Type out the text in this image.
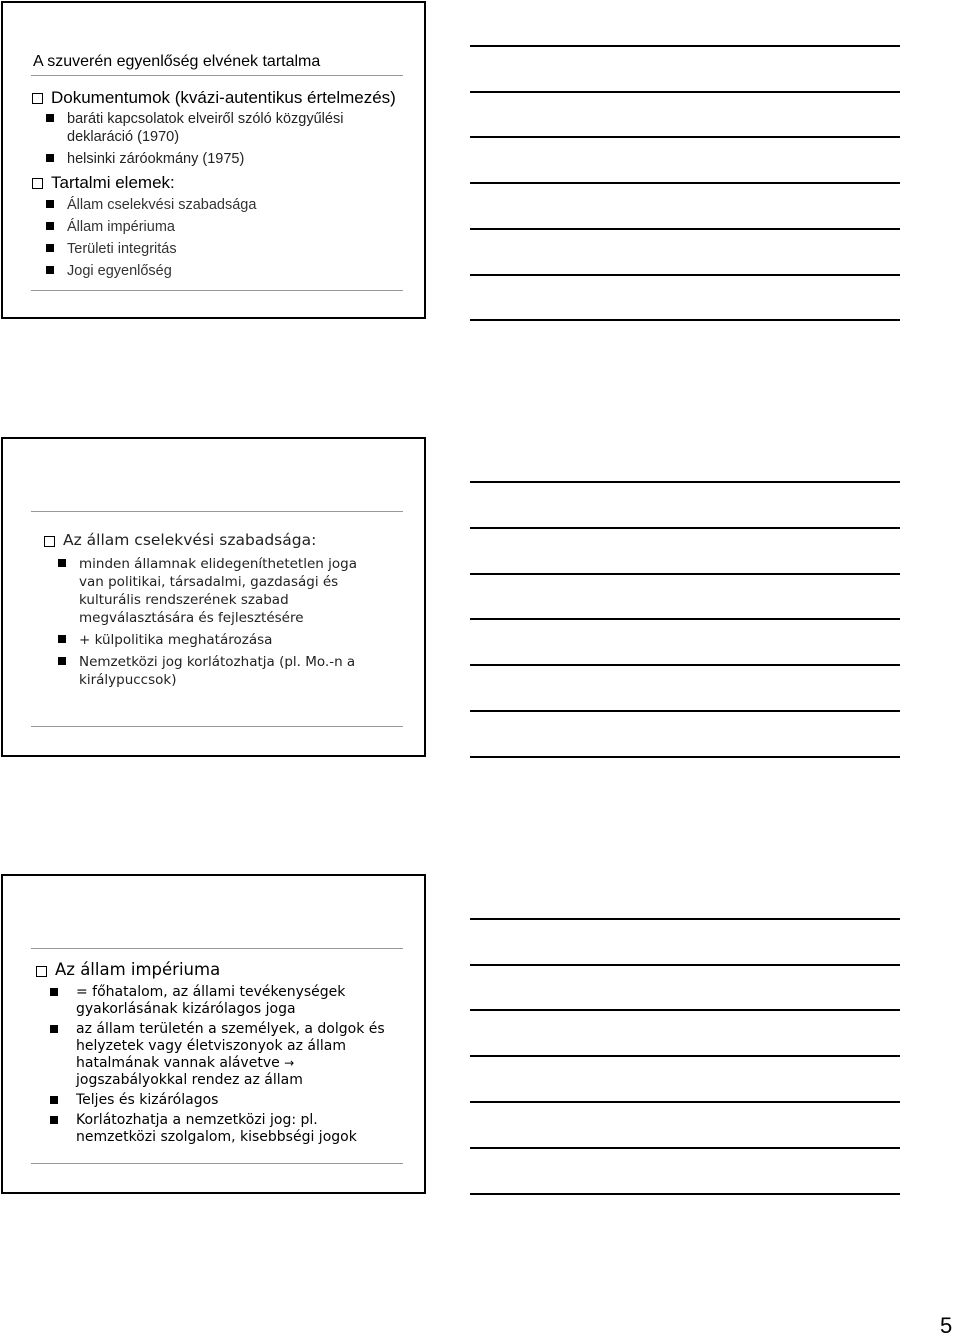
A szuverén egyenlőség elvének tartalma
Dokumentumok (kvázi-autentikus értelmezés)
baráti kapcsolatok elveiről szóló közgyűlési deklaráció (1970)
helsinki záróokmány (1975)
Tartalmi elemek:
Állam cselekvési szabadsága
Állam impériuma
Területi integritás
Jogi egyenlőség
Az állam cselekvési szabadsága:
minden államnak elidegeníthetetlen joga van politikai, társadalmi, gazdasági és kulturális rendszerének szabad megválasztására és fejlesztésére
+ külpolitika meghatározása
Nemzetközi jog korlátozhatja (pl. Mo.-n a királypuccsok)
Az állam impériuma
= főhatalom, az állami tevékenységek gyakorlásának kizárólagos joga
az állam területén a személyek, a dolgok és helyzetek vagy életviszonyok az állam hatalmának vannak alávetve → jogszabályokkal rendez az állam
Teljes és kizárólagos
Korlátozhatja a nemzetközi jog: pl. nemzetközi szolgalom, kisebbségi jogok
5
